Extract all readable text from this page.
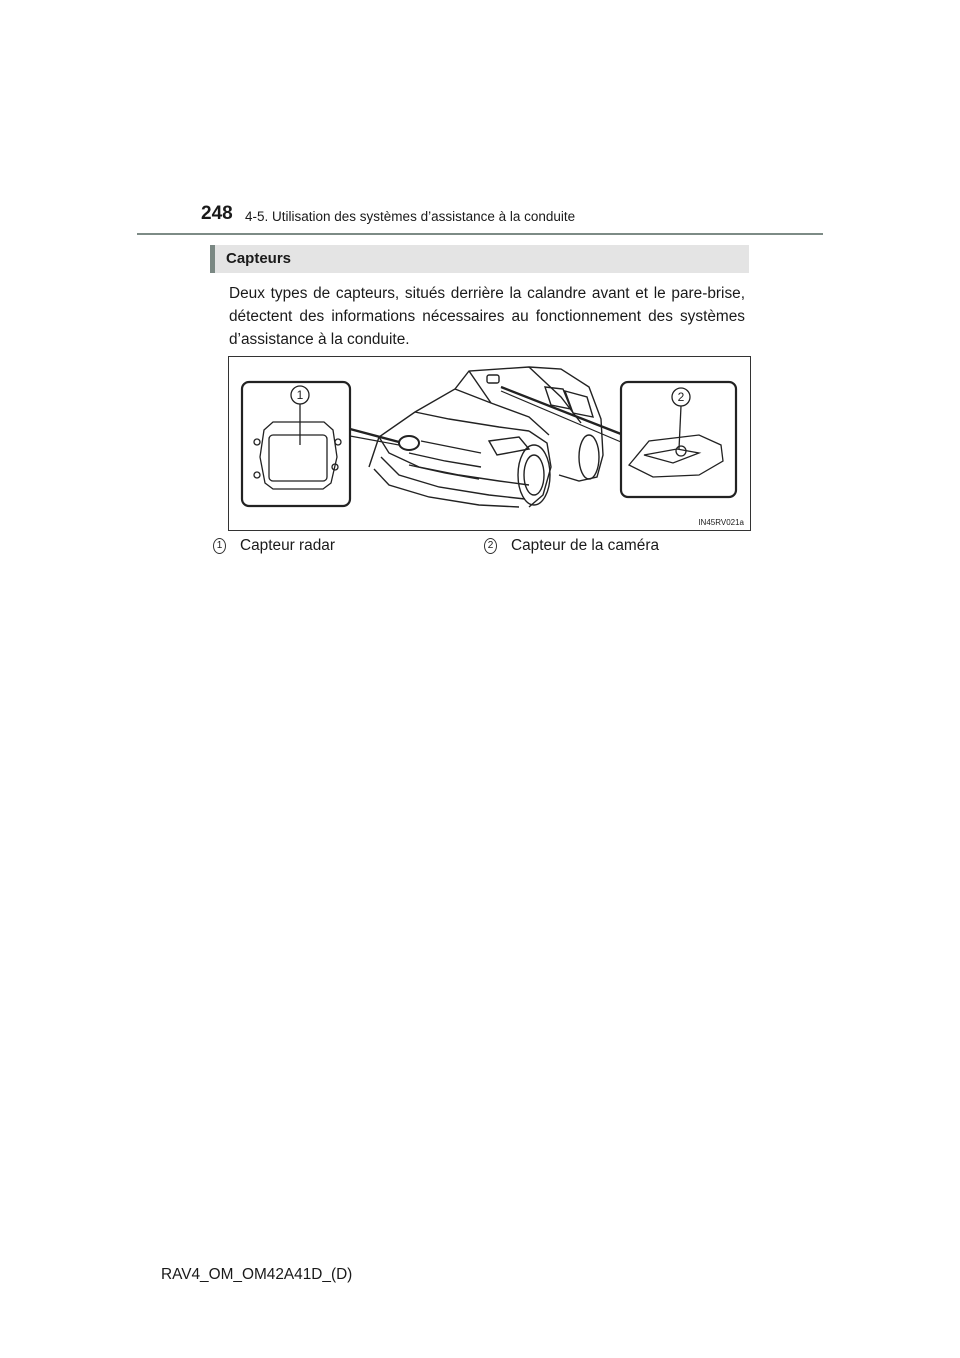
248 4-5. Utilisation des systèmes d’assistance à la conduite
Capteurs
Deux types de capteurs, situés derrière la calandre avant et le pare-brise, détectent des informations nécessaires au fonctionnement des systèmes d’assistance à la conduite.
1	2
IN45RV021a
1 Capteur radar	2 Capteur de la caméra
RAV4_OM_OM42A41D_(D)
